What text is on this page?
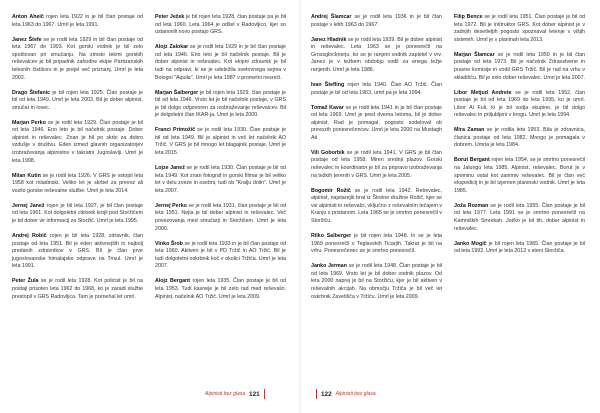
Anton Aheič rojen leta 1922 in je bil član postaje od leta 1963 do 1967. Umrl je leta 1991.

Janez Štefe se je rodil leta 1929 in bil član postaje od leta 1967 do 1993. Kot gorski vodnik je bil zelo spoštovan pri smučanju. Na zimski tekmi gorskih reševalcev je bil pripadnik zahodne ekipe Partizanskih telesnih čistilcev in je prejel več priznanj. Umrl je leta 2002.

Drago Štefanic je bil rojen leta 1925. Član postaje je bil od leta 1949. Umrl je leta 2003. Bil je dober alpinist, smučar in lovec.

Marjan Perko se je rodil leta 1929. Član postaje je bil od leta 1946. Eno leto je bil načelnik postaje. Dober alpinist in reševalec. Znan je bil po skrbi za dobro vzdušje v društvu. Eden izmed glavnih organizatorjev izobraževanja alpinistov v takratni Jugoslaviji. Umrl je leta 1998.

Milan Kutin se je rodil leta 1926. V GRS je vstopil leta 1958 kot mladinski. Veliko let je skrbel za prevoz ali vozilo gorske reševalne službe. Umrl je leta 2014.

Jernej Janež rojen je bil leta 1927, je bil član postaje od leta 1961. Kot dolgoletni ciklonik krojil pod Storžičem je bil dober vir informacij za Storžič. Umrl je leta 1995.

Andrej Robič rojen je bil leta 1928, zdravnik, član postaje od leta 1951. Bil je eden aktivnejših in najbolj predanih zdravnikov v GRS. Bil je član prve jugoslovanske himalajske odprave na Trisul. Umrl je leta 1991.

Peter Žula se je rodil leta 1928. Kot policist je bil na postaji prisoten leta 1962 do 1968, ko je zaradi službe prestopil v GRS Radovljica. Tam je prenehal let umrl.

Peter Ježek je bil rojen leta 1928, član postaje pa je bil od leta 1960. Leta 1964 je odšel v Radovljico, kjer so ustanovili novo postajo GRS.

Alojz Zalokar se je rodil leta 1929 in je bil član postaje od leta 1946. Eno leto je bil načelnik postaje. Bil je dober alpinist in reševalec. Kot ekipni zdravnik je bil tudi na odpravi, ki se je udeležila svetovnega sejma v Bologni "Aquila". Umrl je leta 1987 v prometni nesreči.

Marjan Šalberger je bil rojen leta 1929, član postaje je bil od leta 1946. Vrsto let je bil načelnik postaje, v GRS je bil dolgo odgovoren za izobraževanje reševalcev. Bil je dolgoletni član IKAR-ja. Umrl je leta 2000.

Franci Primožič se je rodil leta 1930. Član postaje je bil od leta 1949. Bil je alpinist in več let načelnik AO Tržič. V GRS je bil mnogo let blagajnik postaje. Umrl je leta 2015.

Lojze Janež se je rodil leta 1930. Član postaje je bil od leta 1949. Kot znan fotograf in gorski filmar je bil veliko let v delu zveze in osebni, tudi ob "Kralju dolin". Umrl je leta 2007.

Jernej Perko se je rodil leta 1931, član postaje je bil od leta 1951. Nejla je bil dober alpinist in reševalec. Več povezovanja med smučarji in Storžičem. Umrl je leta 2000.

Vinko Šrob se je rodil leta 1933 in je bil član postaje od leta 1960. Aktiven je bil v PD Tržič in AO Tržič. Bil je tudi dolgoletni oskrbnik koč v okolici Tržiča. Umrl je leta 2007.

Alojz Bergant rojen leta 1935. Član postaje je bil od leta 1953. Tudi kasneje je bil zelo rad med reševalci. Alpinist, načelnik AO Tržič. Umrl je leta 2009.

Andrej Šlamcar se je rodil leta 1936 in je bil član postaje v letih 1963 do 1967.

Janez Hladnik se je rodil leta 1939. Bil je dober alpinist in reševalec. Leta 1963 se je ponesrečil na Grossglocknerju, ko se je ranjeni vodnik zapletel v vrv. Janez je v težkem obdobju vodil za enega težje ranjenih. Umrl je leta 1986.

Ivan Štefling rojen leta 1940. Član AO Tržič. Član postaje je bil od leta 1963, umrl pa je leta 1994.

Tomaž Kavar se je rodil leta 1941 in je bil član postaje od leta 1969. Umrl je pred dvema letoma, bil je dober alpinist. Rad je pomagal, pogosto sodeloval ob prevozih ponesrečencev. Umrl je leta 2000 na Mustagh Ati.

Vili Goborbik se je rodil leta 1941. V GRS je bil član postaje od leta 1958. Miren srednji plazov. Gorski reševalec in koordinator je bil za pripravo izobraževanja na težkih terenih v GRS. Umrl je leta 2005.

Bogomir Rožič se je rodil leta 1942. Reševalec, alpinist, najstarejši brat iz Štrelne družine Rožič, kjer se vsi alpinisti in reševalci, vključno z reševalnim tečajem v Kranju s pristanom. Leta 1965 se je smrtno ponesrečil v Storžiču.

Rilko Salberger je bil rojen leta 1948. In se je leta 1969 ponesrečil v Teglavskih Ticarjih. Takrat je bil na vrhu. Ponesrečenec se je smrtno ponesrečil.

Janko Jerman se je rodil leta 1948. Član postaje je bil od leta 1969. Vrsto let je bil dober vodnik plazov. Od leta 2000 naprej je bil na Storžiču, kjer je bil aktiven v reševalnih akcijah. Na območju Tržiča je bil več let oskrbnik Zavetišča v Tržiču. Umrl je leta 2009.

Filip Bence se je rodil leta 1951. Član postaje je bil od leta 1972. Bil je inštruktor GRS. Kot dober alpinist je v zadnjih desetletjih pogosto spoznaval letenje v višjih sistemih. Umrl je v planinah leta 2013.

Marjan Šlamcar se je rodil leta 1950 in je bil član postaje od leta 1973. Bil je načelnik Zdravstvene in pravne komisije in vodil GRS Tržič. Bil je rad na vrhu v skladišču. Bil je zelo dober reševalec. Umrl je leta 2007.

Libor Metjud Andrete se je rodil leta 1952, član postaje je bil od leta 1969 do leta 1995, ko je umrl. Libor Al Fuli, ki je bil vodja skupine, je bil dolgo reševalec in priljubljeni v krogu. Umrl je leta 1994.

Mira Zaman se je rodila leta 1953. Bila je zdravnica, članica postaje od leta 1982. Mnogo je pomagala v dobrem. Umrla je leta 1984.

Borut Bergant rojen leta 1954, se je smrtno ponesrečil na Jalungu leta 1985. Alpinist, reševalec. Borut je v spominu ostal kot zanimiv reševalec. Bil je član več ekspedicij in je bil izjemen planinski vodnik. Umrl je leta 1985.

Joža Rozman se je rodil leta 1955. Član postaje je bil od leta 1977. Leta 1991 se je smrtno ponesrečil na Kamniških Smrekah. Jožko je bil tih, dober alpinist in reševalec.

Janko Mogič je bil rojen leta 1965. Član postaje je bil od leta 1992. Umrl je leta 2012 v steni Storžiča.

Alpinisti bez glasa 121	122 Alpinisti bez glasa
